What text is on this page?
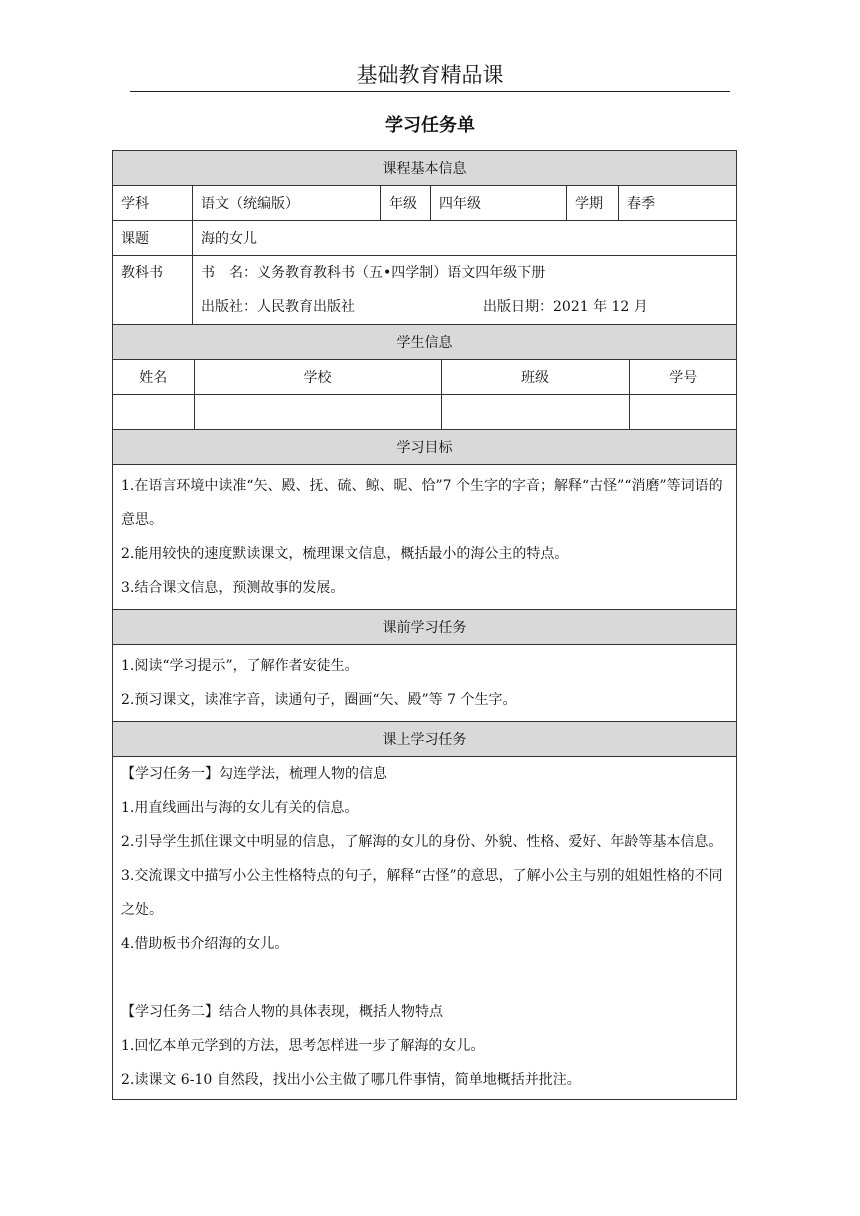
基础教育精品课
学习任务单
课程基本信息
学科	语文（统编版）	年级	四年级	学期	春季
课题	海的女儿
教科书	书　名：义务教育教科书（五•四学制）语文四年级下册
出版社：人民教育出版社	出版日期：2021 年 12 月

学生信息

姓名	学校	班级	学号

学习目标

1.在语言环境中读准“矢、殿、抚、硫、鲸、昵、恰”7 个生字的字音；解释“古怪”“消磨”等词语的意思。

2.能用较快的速度默读课文，梳理课文信息，概括最小的海公主的特点。

3.结合课文信息，预测故事的发展。

课前学习任务

1.阅读“学习提示”，了解作者安徒生。

2.预习课文，读准字音，读通句子，圈画“矢、殿”等 7 个生字。

课上学习任务

【学习任务一】勾连学法，梳理人物的信息

1.用直线画出与海的女儿有关的信息。

2.引导学生抓住课文中明显的信息，了解海的女儿的身份、外貌、性格、爱好、年龄等基本信息。

3.交流课文中描写小公主性格特点的句子，解释“古怪”的意思，了解小公主与别的姐姐性格的不同之处。

4.借助板书介绍海的女儿。

【学习任务二】结合人物的具体表现，概括人物特点

1.回忆本单元学到的方法，思考怎样进一步了解海的女儿。

2.读课文 6-10 自然段，找出小公主做了哪几件事情，简单地概括并批注。
